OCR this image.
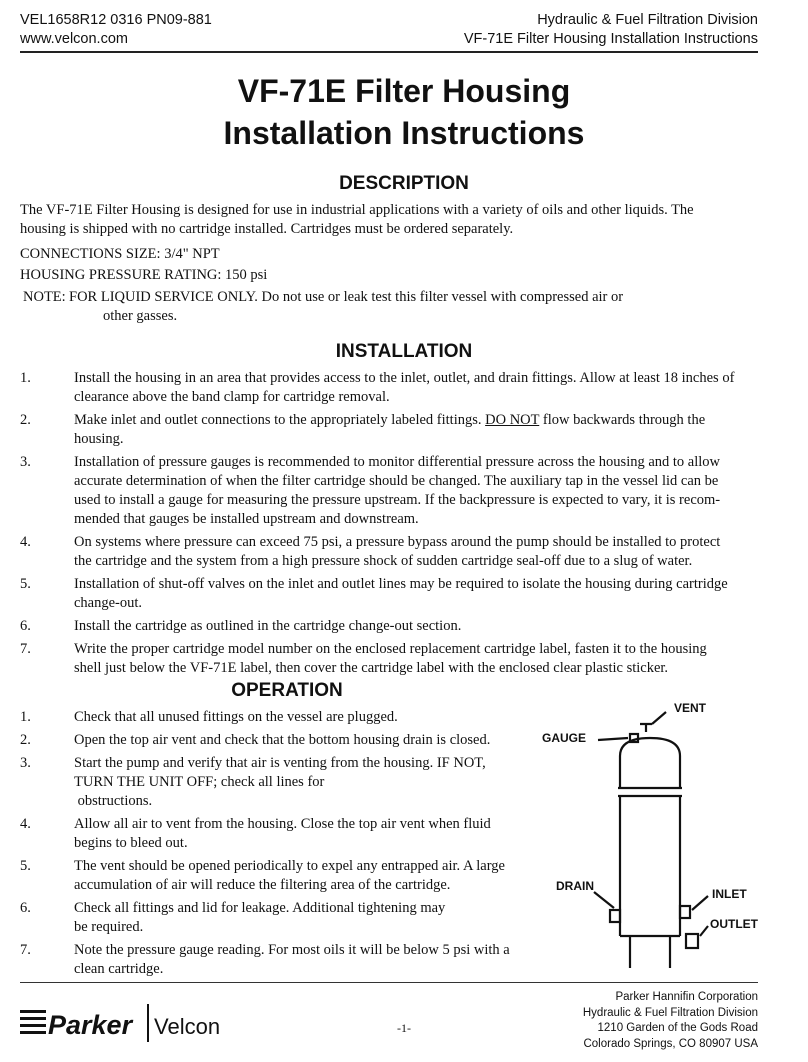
VEL1658R12 0316 PN09-881
www.velcon.com
Hydraulic & Fuel Filtration Division
VF-71E Filter Housing Installation Instructions
VF-71E Filter Housing
Installation Instructions
DESCRIPTION
The VF-71E Filter Housing is designed for use in industrial applications with a variety of oils and other liquids. The
housing is shipped with no cartridge installed. Cartridges must be ordered separately.
CONNECTIONS SIZE: 3/4" NPT
HOUSING PRESSURE RATING: 150 psi
NOTE: FOR LIQUID SERVICE ONLY. Do not use or leak test this filter vessel with compressed air or
other gasses.
INSTALLATION
1.	Install the housing in an area that provides access to the inlet, outlet, and drain fittings. Allow at least 18 inches of
clearance above the band clamp for cartridge removal.
2.	Make inlet and outlet connections to the appropriately labeled fittings. DO NOT flow backwards through the
housing.
3.	Installation of pressure gauges is recommended to monitor differential pressure across the housing and to allow
accurate determination of when the filter cartridge should be changed. The auxiliary tap in the vessel lid can be
used to install a gauge for measuring the pressure upstream. If the backpressure is expected to vary, it is recom-
mended that gauges be installed upstream and downstream.
4.	On systems where pressure can exceed 75 psi, a pressure bypass around the pump should be installed to protect
the cartridge and the system from a high pressure shock of sudden cartridge seal-off due to a slug of water.
5.	Installation of shut-off valves on the inlet and outlet lines may be required to isolate the housing during cartridge
change-out.
6.	Install the cartridge as outlined in the cartridge change-out section.
7.	Write the proper cartridge model number on the enclosed replacement cartridge label, fasten it to the housing
shell just below the VF-71E label, then cover the cartridge label with the enclosed clear plastic sticker.
OPERATION
1.	Check that all unused fittings on the vessel are plugged.
2.	Open the top air vent and check that the bottom housing drain is closed.
3.	Start the pump and verify that air is venting from the housing. IF NOT,
TURN THE UNIT OFF; check all lines for
obstructions.
4.	Allow all air to vent from the housing. Close the top air vent when fluid
begins to bleed out.
5.	The vent should be opened periodically to expel any entrapped air. A large
accumulation of air will reduce the filtering area of the cartridge.
6.	Check all fittings and lid for leakage. Additional tightening may
be required.
7.	Note the pressure gauge reading. For most oils it will be below 5 psi with a
clean cartridge.
VENT
GAUGE
DRAIN
INLET
OUTLET
Parker Velcon	-1-
Parker Hannifin Corporation
Hydraulic & Fuel Filtration Division
1210 Garden of the Gods Road
Colorado Springs, CO 80907 USA
